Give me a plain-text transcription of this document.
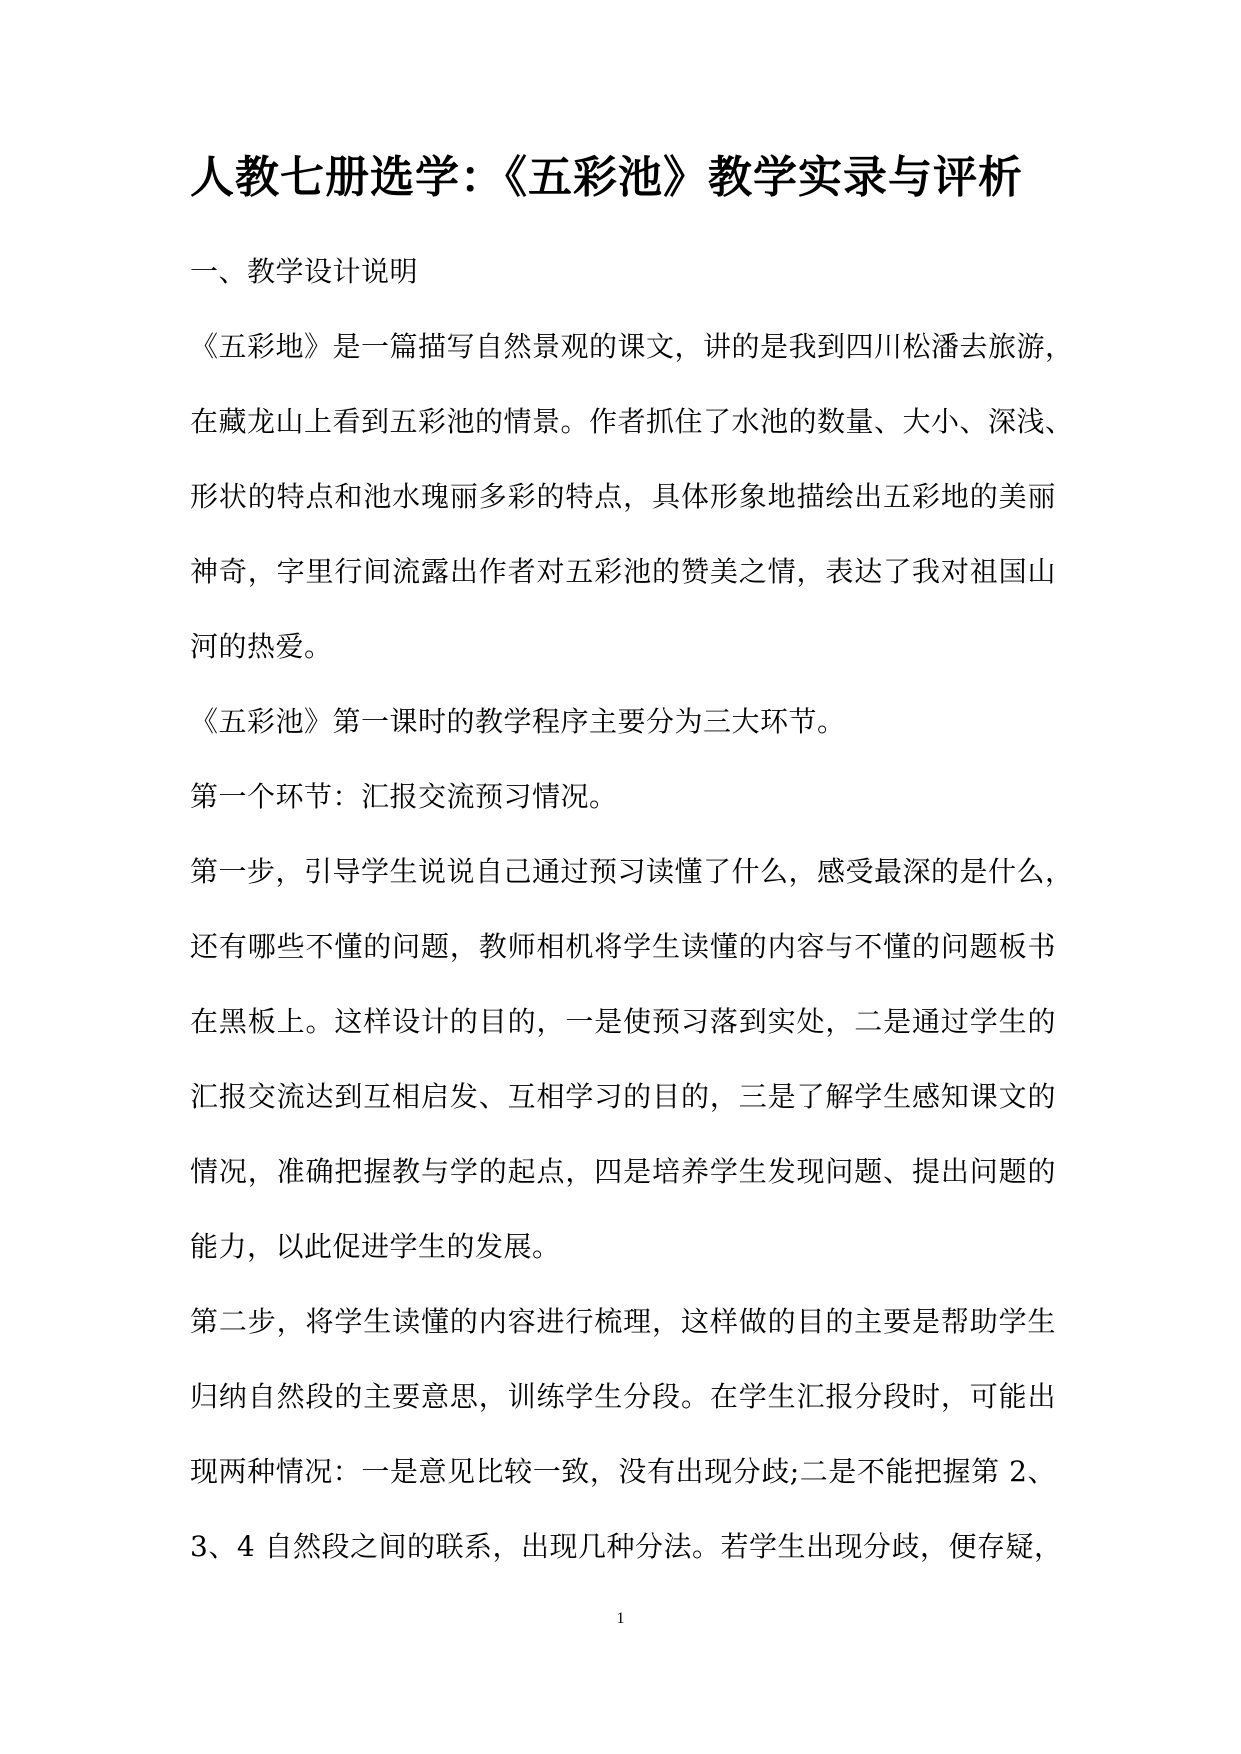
人教七册选学：《五彩池》教学实录与评析
一、教学设计说明
《五彩地》是一篇描写自然景观的课文，讲的是我到四川松潘去旅游，
在藏龙山上看到五彩池的情景。作者抓住了水池的数量、大小、深浅、
形状的特点和池水瑰丽多彩的特点，具体形象地描绘出五彩地的美丽
神奇，字里行间流露出作者对五彩池的赞美之情，表达了我对祖国山
河的热爱。
《五彩池》第一课时的教学程序主要分为三大环节。
第一个环节：汇报交流预习情况。
第一步，引导学生说说自己通过预习读懂了什么，感受最深的是什么，
还有哪些不懂的问题，教师相机将学生读懂的内容与不懂的问题板书
在黑板上。这样设计的目的，一是使预习落到实处，二是通过学生的
汇报交流达到互相启发、互相学习的目的，三是了解学生感知课文的
情况，准确把握教与学的起点，四是培养学生发现问题、提出问题的
能力，以此促进学生的发展。
第二步，将学生读懂的内容进行梳理，这样做的目的主要是帮助学生
归纳自然段的主要意思，训练学生分段。在学生汇报分段时，可能出
现两种情况：一是意见比较一致，没有出现分歧;二是不能把握第 2、
3、4 自然段之间的联系，出现几种分法。若学生出现分歧，便存疑，
1
